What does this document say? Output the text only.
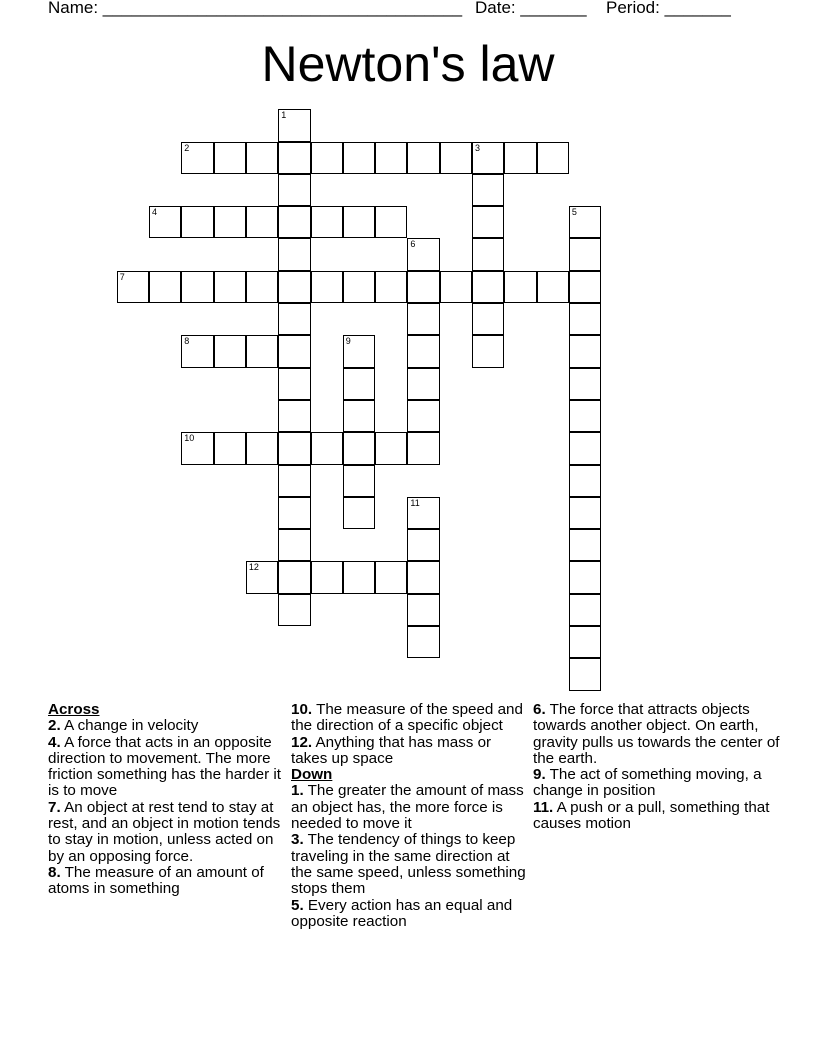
Name: ______________________________________ Date: _______ Period: _______
Newton's law
1
2	3
4	5
6
7
8	9
10
11
12
Across
2. A change in velocity
4. A force that acts in an opposite direction to movement. The more friction something has the harder it is to move
7. An object at rest tend to stay at rest, and an object in motion tends to stay in motion, unless acted on by an opposing force.
8. The measure of an amount of atoms in something
10. The measure of the speed and the direction of a specific object
12. Anything that has mass or takes up space
Down
1. The greater the amount of mass an object has, the more force is needed to move it
3. The tendency of things to keep traveling in the same direction at the same speed, unless something stops them
5. Every action has an equal and opposite reaction
6. The force that attracts objects towards another object. On earth, gravity pulls us towards the center of the earth.
9. The act of something moving, a change in position
11. A push or a pull, something that causes motion
